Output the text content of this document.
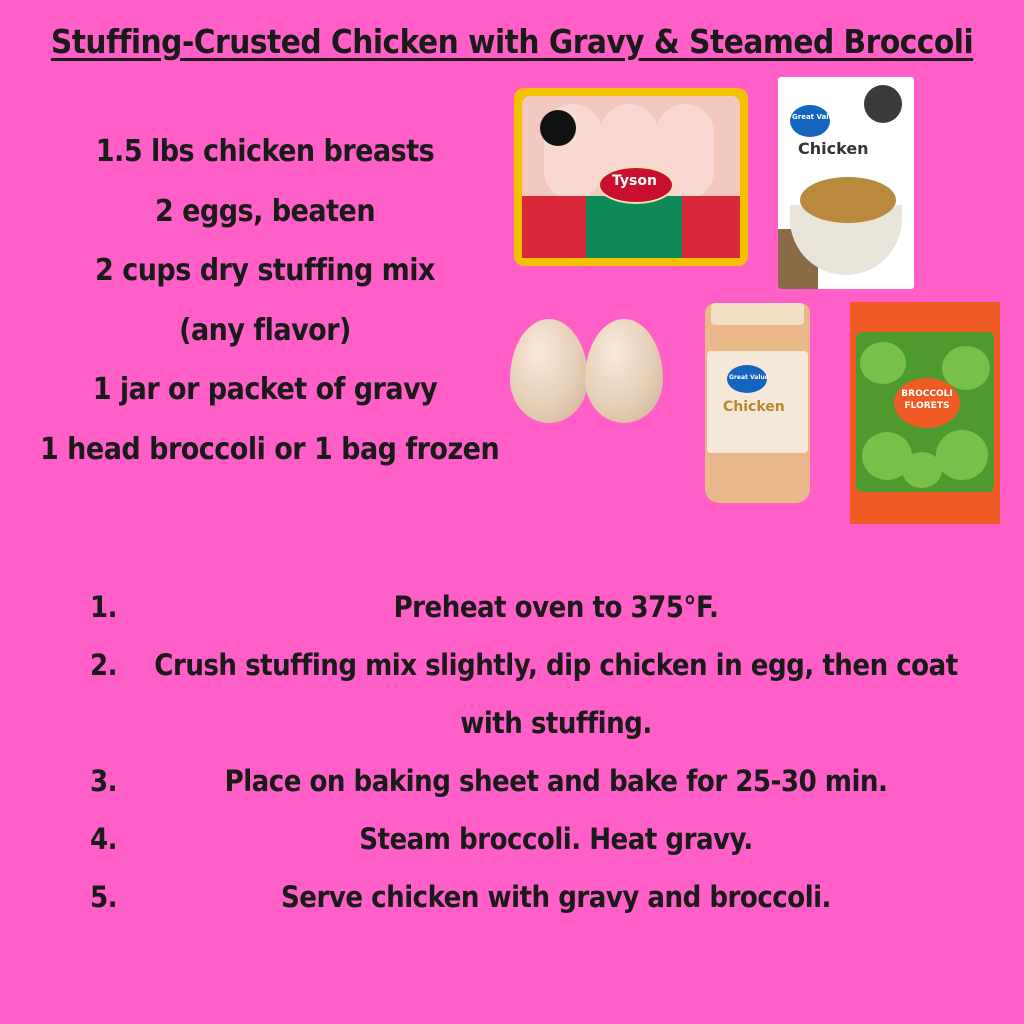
Stuffing-Crusted Chicken with Gravy & Steamed Broccoli
1.5 lbs chicken breasts
2 eggs, beaten
2 cups dry stuffing mix
(any flavor)
1 jar or packet of gravy
1 head broccoli or 1 bag frozen
Tyson
Great Value
Chicken
Great Value
Chicken
BROCCOLI FLORETS
1.	Preheat oven to 375°F.
2.	Crush stuffing mix slightly, dip chicken in egg, then coat with stuffing.
3.	Place on baking sheet and bake for 25-30 min.
4.	Steam broccoli. Heat gravy.
5.	Serve chicken with gravy and broccoli.
